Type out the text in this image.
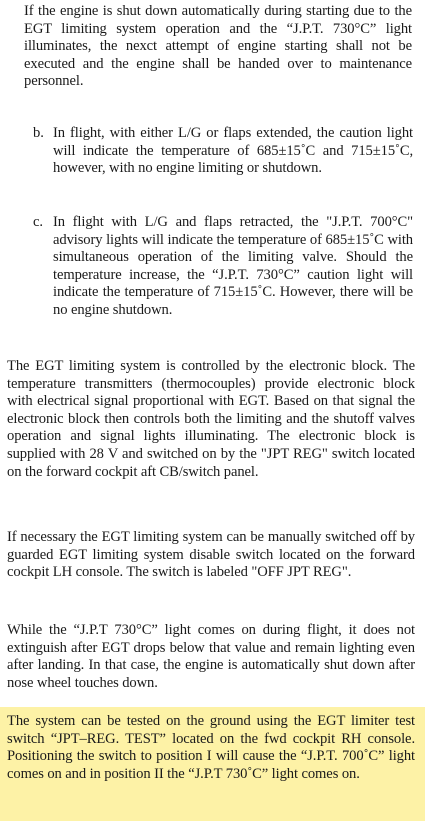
If the engine is shut down automatically during starting due to the EGT limiting system operation and the “J.P.T. 730°C” light illuminates, the nexct attempt of engine starting shall not be executed and the engine shall be handed over to maintenance personnel.

b. In flight, with either L/G or flaps extended, the caution light will indicate the temperature of 685±15˚C and 715±15˚C, however, with no engine limiting or shutdown.
c. In flight with L/G and flaps retracted, the "J.P.T. 700°C" advisory lights will indicate the temperature of 685±15˚C with simultaneous operation of the limiting valve. Should the temperature increase, the “J.P.T. 730°C” caution light will indicate the temperature of 715±15˚C. However, there will be no engine shutdown.

The EGT limiting system is controlled by the electronic block. The temperature transmitters (thermocouples) provide electronic block with electrical signal proportional with EGT. Based on that signal the electronic block then controls both the limiting and the shutoff valves operation and signal lights illuminating. The electronic block is supplied with 28 V and switched on by the "JPT REG" switch located on the forward cockpit aft CB/switch panel.

If necessary the EGT limiting system can be manually switched off by guarded EGT limiting system disable switch located on the forward cockpit LH console. The switch is labeled "OFF JPT REG".

While the “J.P.T 730°C” light comes on during flight, it does not extinguish after EGT drops below that value and remain lighting even after landing. In that case, the engine is automatically shut down after nose wheel touches down.

The system can be tested on the ground using the EGT limiter test switch “JPT–REG. TEST” located on the fwd cockpit RH console. Positioning the switch to position I will cause the “J.P.T. 700˚C” light comes on and in position II the “J.P.T 730˚C” light comes on.
